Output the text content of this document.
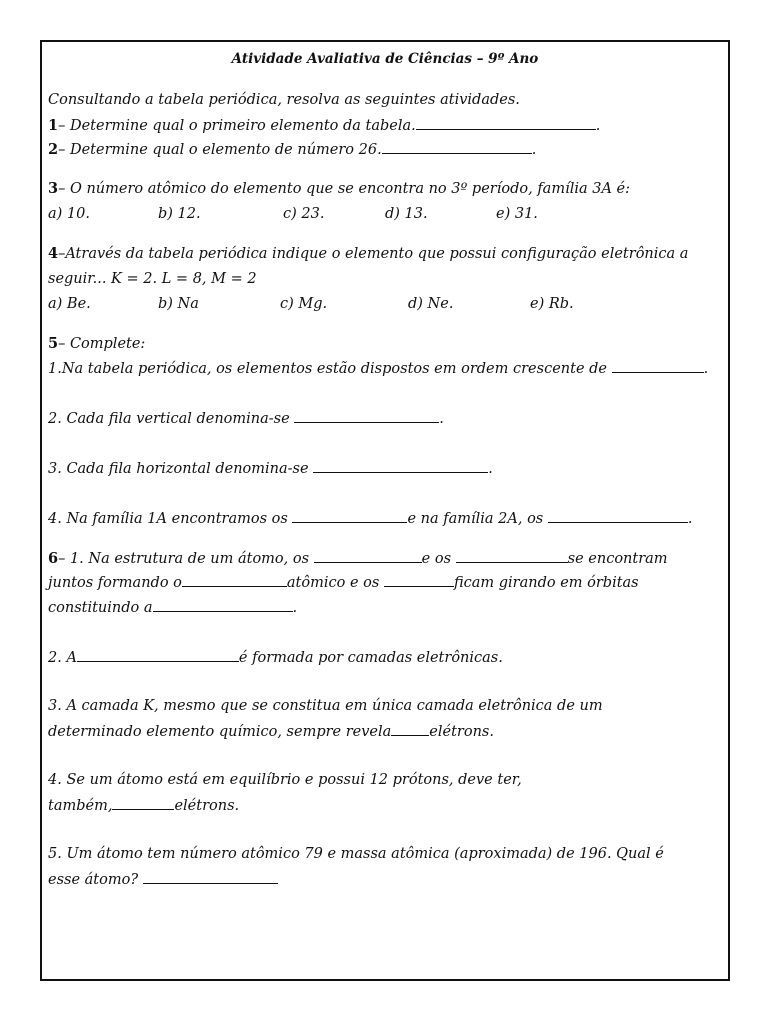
Atividade Avaliativa de Ciências – 9º Ano
Consultando a tabela periódica, resolva as seguintes atividades.
1– Determine qual o primeiro elemento da tabela.	.
2– Determine qual o elemento de número 26.	.
3– O número atômico do elemento que se encontra no 3º período, família 3A é:
a) 10.	b) 12.	c) 23.	d) 13.	e) 31.
4–Através da tabela periódica indique o elemento que possui configuração eletrônica a
seguir... K = 2. L = 8, M = 2
a) Be.	b) Na	c) Mg.	d) Ne.	e) Rb.
5– Complete:
1.Na tabela periódica, os elementos estão dispostos em ordem crescente de	.
2. Cada fila vertical denomina-se	.
3. Cada fila horizontal denomina-se	.
4. Na família 1A encontramos os	e na família 2A, os	.
6– 1. Na estrutura de um átomo, os	e os	se encontram
juntos formando o	atômico e os	ficam girando em órbitas
constituindo a	.
2. A	é formada por camadas eletrônicas.
3. A camada K, mesmo que se constitua em única camada eletrônica de um
determinado elemento químico, sempre revela	elétrons.
4. Se um átomo está em equilíbrio e possui 12 prótons, deve ter,
também,	elétrons.
5. Um átomo tem número atômico 79 e massa atômica (aproximada) de 196. Qual é
esse átomo?
